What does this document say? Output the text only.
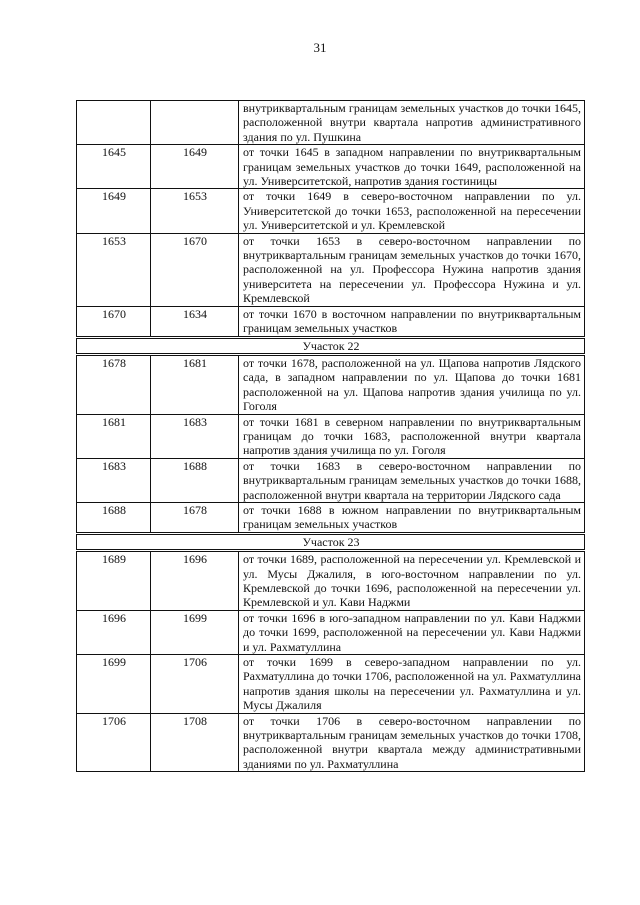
31
		внутриквартальным границам земельных участков до точки 1645, расположенной внутри квартала напротив административного здания по ул. Пушкина
1645	1649	от точки 1645 в западном направлении по внутриквартальным границам земельных участков до точки 1649, расположенной на ул. Университетской, напротив здания гостиницы
1649	1653	от точки 1649 в северо-восточном направлении по ул. Университетской до точки 1653, расположенной на пересечении ул. Университетской и ул. Кремлевской
1653	1670	от точки 1653 в северо-восточном направлении по внутриквартальным границам земельных участков до точки 1670, расположенной на ул. Профессора Нужина напротив здания университета на пересечении ул. Профессора Нужина и ул. Кремлевской
1670	1634	от точки 1670 в восточном направлении по внутриквартальным границам земельных участков
Участок 22		
1678	1681	от точки 1678, расположенной на ул. Щапова напротив Лядского сада, в западном направлении по ул. Щапова до точки 1681 расположенной на ул. Щапова напротив здания училища по ул. Гоголя
1681	1683	от точки 1681 в северном направлении по внутриквартальным границам до точки 1683, расположенной внутри квартала напротив здания училища по ул. Гоголя
1683	1688	от точки 1683 в северо-восточном направлении по внутриквартальным границам земельных участков до точки 1688, расположенной внутри квартала на территории Лядского сада
1688	1678	от точки 1688 в южном направлении по внутриквартальным границам земельных участков
Участок 23		
1689	1696	от точки 1689, расположенной на пересечении ул. Кремлевской и ул. Мусы Джалиля, в юго-восточном направлении по ул. Кремлевской до точки 1696, расположенной на пересечении ул. Кремлевской и ул. Кави Наджми
1696	1699	от точки 1696 в юго-западном направлении по ул. Кави Наджми до точки 1699, расположенной на пересечении ул. Кави Наджми и ул. Рахматуллина
1699	1706	от точки 1699 в северо-западном направлении по ул. Рахматуллина до точки 1706, расположенной на ул. Рахматуллина напротив здания школы на пересечении ул. Рахматуллина и ул. Мусы Джалиля
1706	1708	от точки 1706 в северо-восточном направлении по внутриквартальным границам земельных участков до точки 1708, расположенной внутри квартала между административными зданиями по ул. Рахматуллина
